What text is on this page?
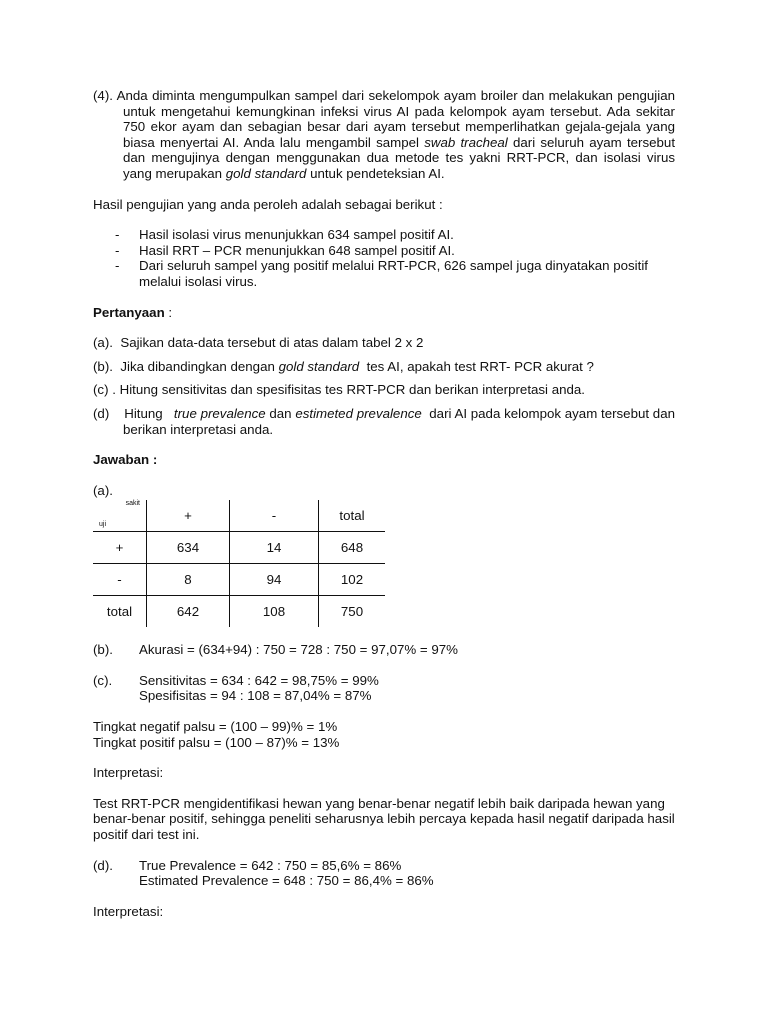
(4). Anda diminta mengumpulkan sampel dari sekelompok ayam broiler dan melakukan pengujian untuk mengetahui kemungkinan infeksi virus AI pada kelompok ayam tersebut. Ada sekitar 750 ekor ayam dan sebagian besar dari ayam tersebut memperlihatkan gejala-gejala yang biasa menyertai AI. Anda lalu mengambil sampel swab tracheal dari seluruh ayam tersebut dan mengujinya dengan menggunakan dua metode tes yakni RRT-PCR, dan isolasi virus yang merupakan gold standard untuk pendeteksian AI.

Hasil pengujian yang anda peroleh adalah sebagai berikut :

- Hasil isolasi virus menunjukkan 634 sampel positif AI.
- Hasil RRT – PCR menunjukkan 648 sampel positif AI.
- Dari seluruh sampel yang positif melalui RRT-PCR, 626 sampel juga dinyatakan positif melalui isolasi virus.

Pertanyaan :

(a). Sajikan data-data tersebut di atas dalam tabel 2 x 2

(b). Jika dibandingkan dengan gold standard tes AI, apakah test RRT- PCR akurat ?

(c) . Hitung sensitivitas dan spesifisitas tes RRT-PCR dan berikan interpretasi anda.

(d) Hitung true prevalence dan estimeted prevalence dari AI pada kelompok ayam tersebut dan berikan interpretasi anda.

Jawaban :

(a).

sakit
uji	+	-	total
+	634	14	648
-	8	94	102
total	642	108	750
(b).	Akurasi = (634+94) : 750 = 728 : 750 = 97,07% = 97%
(c).	Sensitivitas = 634 : 642 = 98,75% = 99%

Spesifisitas = 94 : 108 = 87,04% = 87%

Tingkat negatif palsu = (100 – 99)% = 1%

Tingkat positif palsu = (100 – 87)% = 13%

Interpretasi:

Test RRT-PCR mengidentifikasi hewan yang benar-benar negatif lebih baik daripada hewan yang benar-benar positif, sehingga peneliti seharusnya lebih percaya kepada hasil negatif daripada hasil positif dari test ini.

(d).	True Prevalence = 642 : 750 = 85,6% = 86%

Estimated Prevalence = 648 : 750 = 86,4% = 86%

Interpretasi:
